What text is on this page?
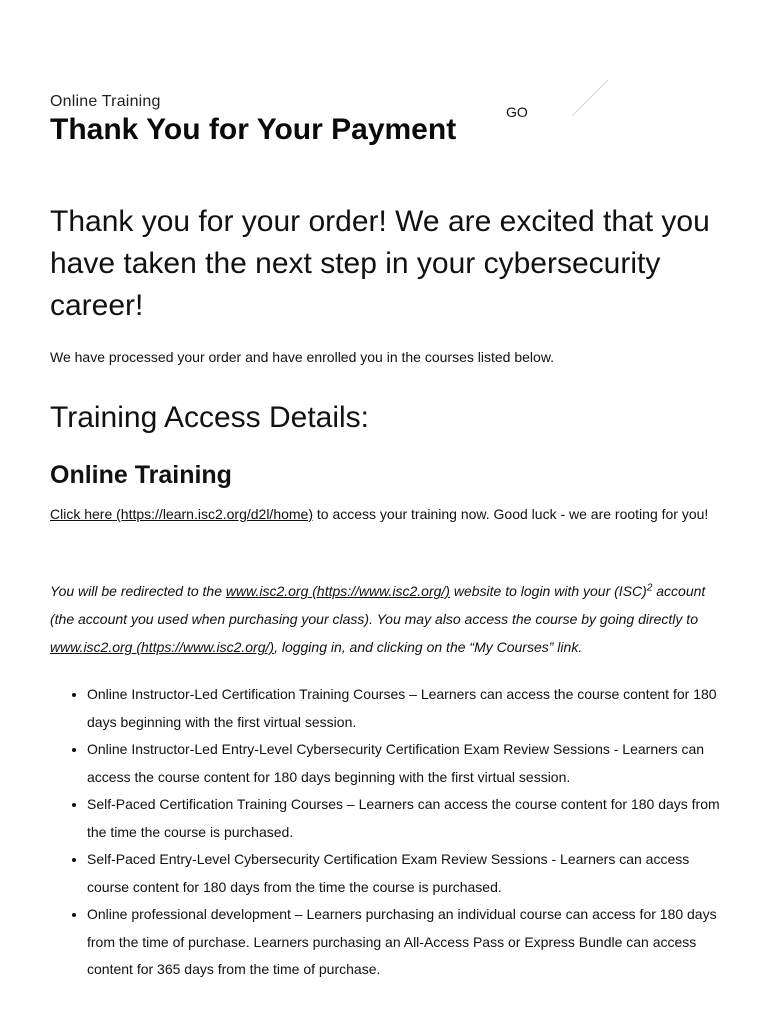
Online Training
GO
Thank You for Your Payment

Thank you for your order! We are excited that you have taken the next step in your cybersecurity career!

We have processed your order and have enrolled you in the courses listed below.

Training Access Details:
Online Training

Click here (https://learn.isc2.org/d2l/home) to access your training now. Good luck - we are rooting for you!

You will be redirected to the www.isc2.org (https://www.isc2.org/) website to login with your (ISC)$^2$ account (the account you used when purchasing your class). You may also access the course by going directly to www.isc2.org (https://www.isc2.org/), logging in, and clicking on the “My Courses” link.

• Online Instructor-Led Certification Training Courses – Learners can access the course content for 180 days beginning with the first virtual session.
• Online Instructor-Led Entry-Level Cybersecurity Certification Exam Review Sessions - Learners can access the course content for 180 days beginning with the first virtual session.
• Self-Paced Certification Training Courses – Learners can access the course content for 180 days from the time the course is purchased.
• Self-Paced Entry-Level Cybersecurity Certification Exam Review Sessions - Learners can access course content for 180 days from the time the course is purchased.
• Online professional development – Learners purchasing an individual course can access for 180 days from the time of purchase. Learners purchasing an All-Access Pass or Express Bundle can access content for 365 days from the time of purchase.
